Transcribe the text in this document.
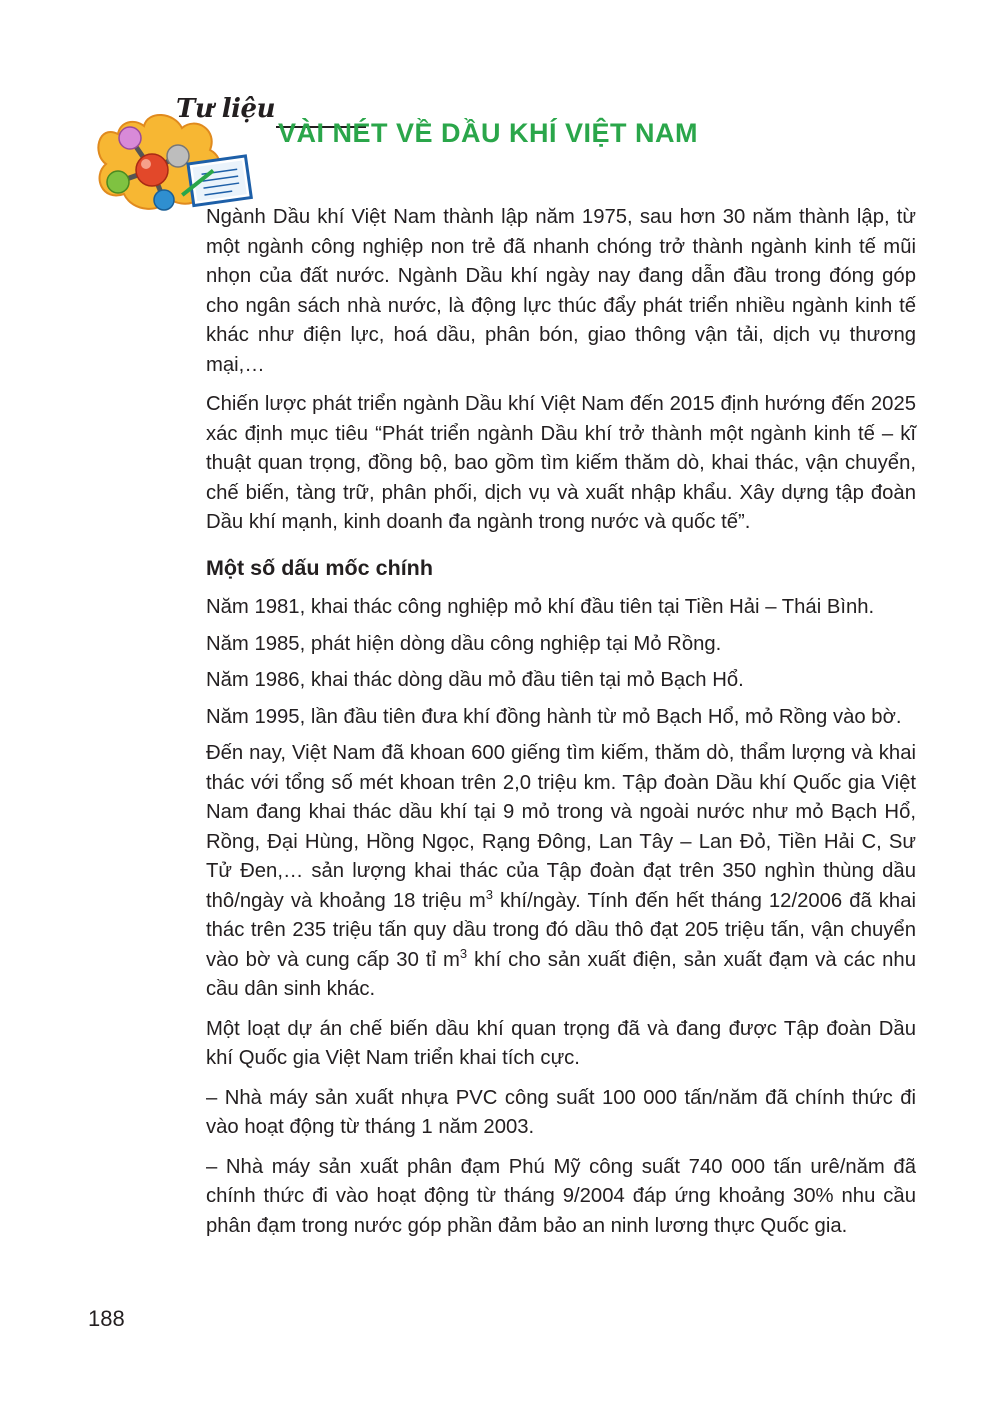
Tư liệu
VÀI NÉT VỀ DẦU KHÍ VIỆT NAM

Ngành Dầu khí Việt Nam thành lập năm 1975, sau hơn 30 năm thành lập, từ một ngành công nghiệp non trẻ đã nhanh chóng trở thành ngành kinh tế mũi nhọn của đất nước. Ngành Dầu khí ngày nay đang dẫn đầu trong đóng góp cho ngân sách nhà nước, là động lực thúc đẩy phát triển nhiều ngành kinh tế khác như điện lực, hoá dầu, phân bón, giao thông vận tải, dịch vụ thương mại,…

Chiến lược phát triển ngành Dầu khí Việt Nam đến 2015 định hướng đến 2025 xác định mục tiêu “Phát triển ngành Dầu khí trở thành một ngành kinh tế – kĩ thuật quan trọng, đồng bộ, bao gồm tìm kiếm thăm dò, khai thác, vận chuyển, chế biến, tàng trữ, phân phối, dịch vụ và xuất nhập khẩu. Xây dựng tập đoàn Dầu khí mạnh, kinh doanh đa ngành trong nước và quốc tế”.

Một số dấu mốc chính

Năm 1981, khai thác công nghiệp mỏ khí đầu tiên tại Tiền Hải – Thái Bình.

Năm 1985, phát hiện dòng dầu công nghiệp tại Mỏ Rồng.

Năm 1986, khai thác dòng dầu mỏ đầu tiên tại mỏ Bạch Hổ.

Năm 1995, lần đầu tiên đưa khí đồng hành từ mỏ Bạch Hổ, mỏ Rồng vào bờ.

Đến nay, Việt Nam đã khoan 600 giếng tìm kiếm, thăm dò, thẩm lượng và khai thác với tổng số mét khoan trên 2,0 triệu km. Tập đoàn Dầu khí Quốc gia Việt Nam đang khai thác dầu khí tại 9 mỏ trong và ngoài nước như mỏ Bạch Hổ, Rồng, Đại Hùng, Hồng Ngọc, Rạng Đông, Lan Tây – Lan Đỏ, Tiền Hải C, Sư Tử Đen,… sản lượng khai thác của Tập đoàn đạt trên 350 nghìn thùng dầu thô/ngày và khoảng 18 triệu $m^3$ khí/ngày. Tính đến hết tháng 12/2006 đã khai thác trên 235 triệu tấn quy dầu trong đó dầu thô đạt 205 triệu tấn, vận chuyển vào bờ và cung cấp 30 tỉ $m^3$ khí cho sản xuất điện, sản xuất đạm và các nhu cầu dân sinh khác.

Một loạt dự án chế biến dầu khí quan trọng đã và đang được Tập đoàn Dầu khí Quốc gia Việt Nam triển khai tích cực.

– Nhà máy sản xuất nhựa PVC công suất 100 000 tấn/năm đã chính thức đi vào hoạt động từ tháng 1 năm 2003.

– Nhà máy sản xuất phân đạm Phú Mỹ công suất 740 000 tấn urê/năm đã chính thức đi vào hoạt động từ tháng 9/2004 đáp ứng khoảng 30% nhu cầu phân đạm trong nước góp phần đảm bảo an ninh lương thực Quốc gia.

188
